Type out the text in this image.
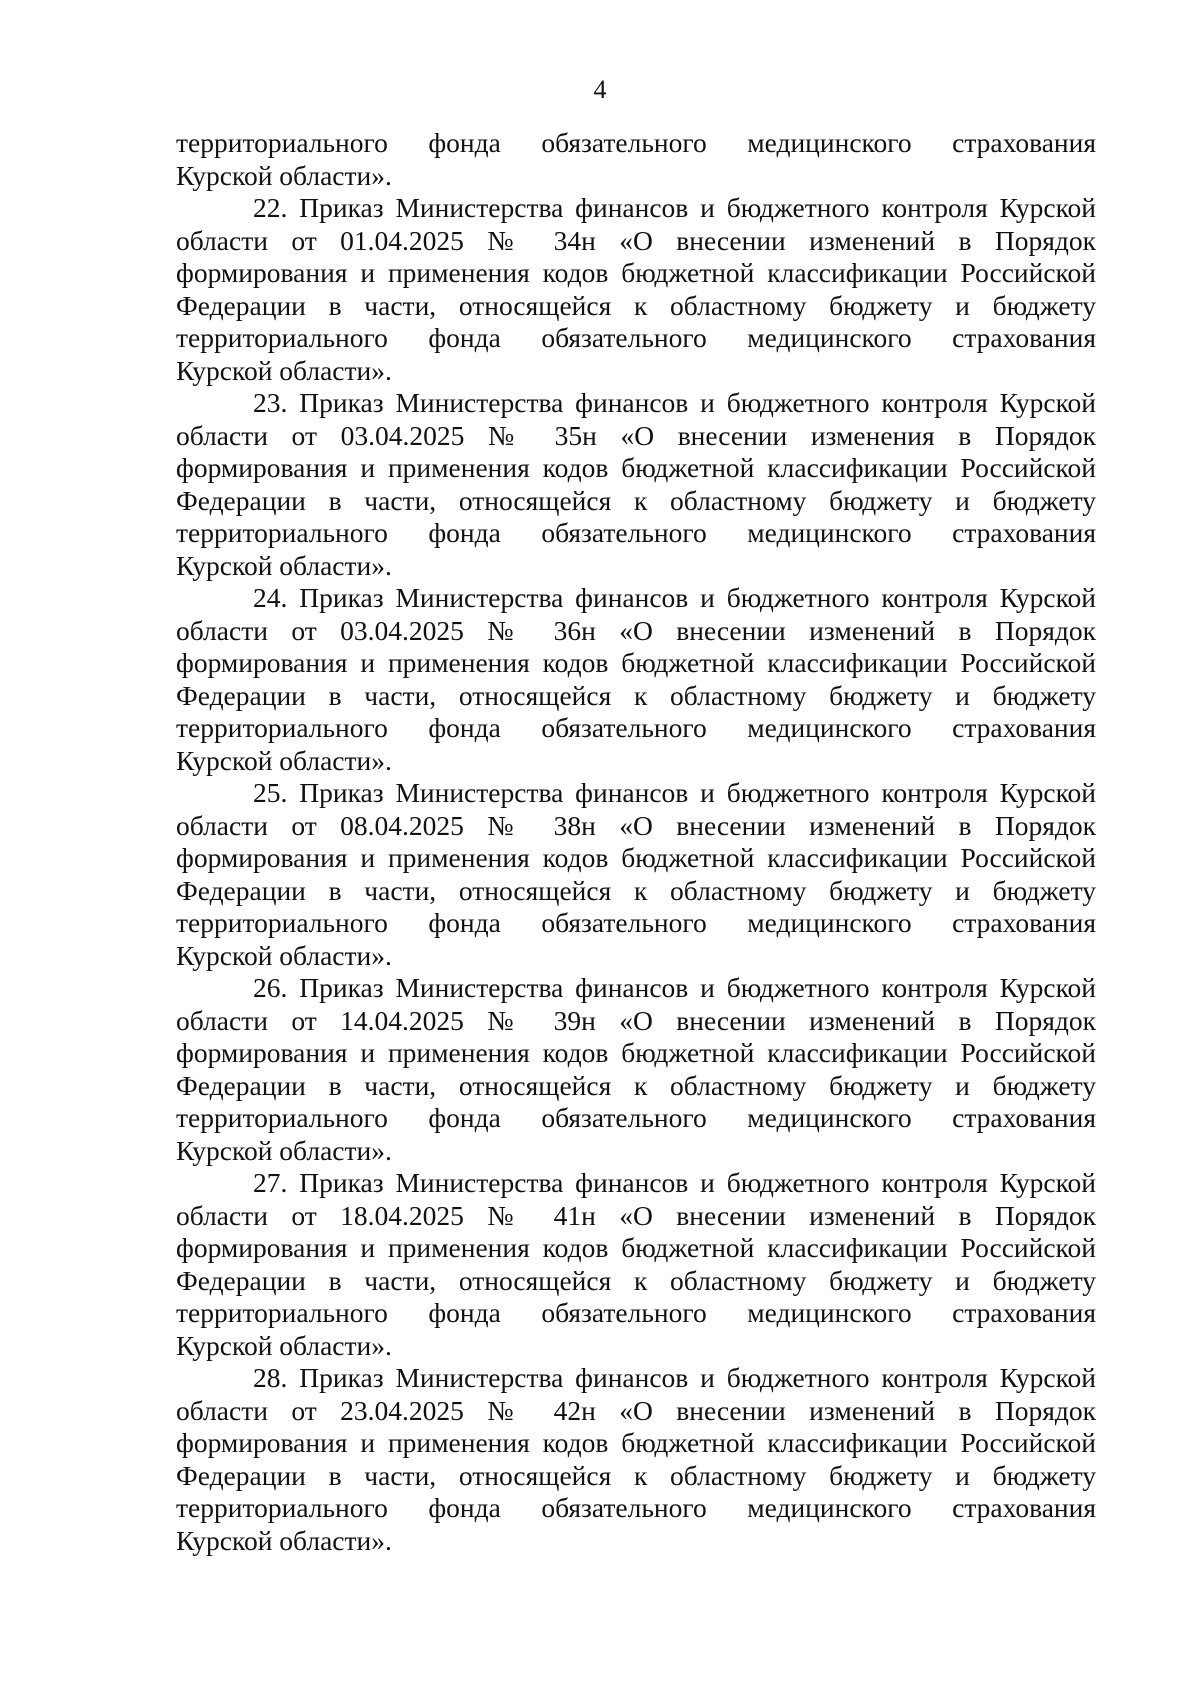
4
территориального фонда обязательного медицинского страхования
Курской области».
22. Приказ Министерства финансов и бюджетного контроля Курской
области от 01.04.2025 № 34н «О внесении изменений в Порядок
формирования и применения кодов бюджетной классификации Российской
Федерации в части, относящейся к областному бюджету и бюджету
территориального фонда обязательного медицинского страхования
Курской области».
23. Приказ Министерства финансов и бюджетного контроля Курской
области от 03.04.2025 № 35н «О внесении изменения в Порядок
формирования и применения кодов бюджетной классификации Российской
Федерации в части, относящейся к областному бюджету и бюджету
территориального фонда обязательного медицинского страхования
Курской области».
24. Приказ Министерства финансов и бюджетного контроля Курской
области от 03.04.2025 № 36н «О внесении изменений в Порядок
формирования и применения кодов бюджетной классификации Российской
Федерации в части, относящейся к областному бюджету и бюджету
территориального фонда обязательного медицинского страхования
Курской области».
25. Приказ Министерства финансов и бюджетного контроля Курской
области от 08.04.2025 № 38н «О внесении изменений в Порядок
формирования и применения кодов бюджетной классификации Российской
Федерации в части, относящейся к областному бюджету и бюджету
территориального фонда обязательного медицинского страхования
Курской области».
26. Приказ Министерства финансов и бюджетного контроля Курской
области от 14.04.2025 № 39н «О внесении изменений в Порядок
формирования и применения кодов бюджетной классификации Российской
Федерации в части, относящейся к областному бюджету и бюджету
территориального фонда обязательного медицинского страхования
Курской области».
27. Приказ Министерства финансов и бюджетного контроля Курской
области от 18.04.2025 № 41н «О внесении изменений в Порядок
формирования и применения кодов бюджетной классификации Российской
Федерации в части, относящейся к областному бюджету и бюджету
территориального фонда обязательного медицинского страхования
Курской области».
28. Приказ Министерства финансов и бюджетного контроля Курской
области от 23.04.2025 № 42н «О внесении изменений в Порядок
формирования и применения кодов бюджетной классификации Российской
Федерации в части, относящейся к областному бюджету и бюджету
территориального фонда обязательного медицинского страхования
Курской области».
